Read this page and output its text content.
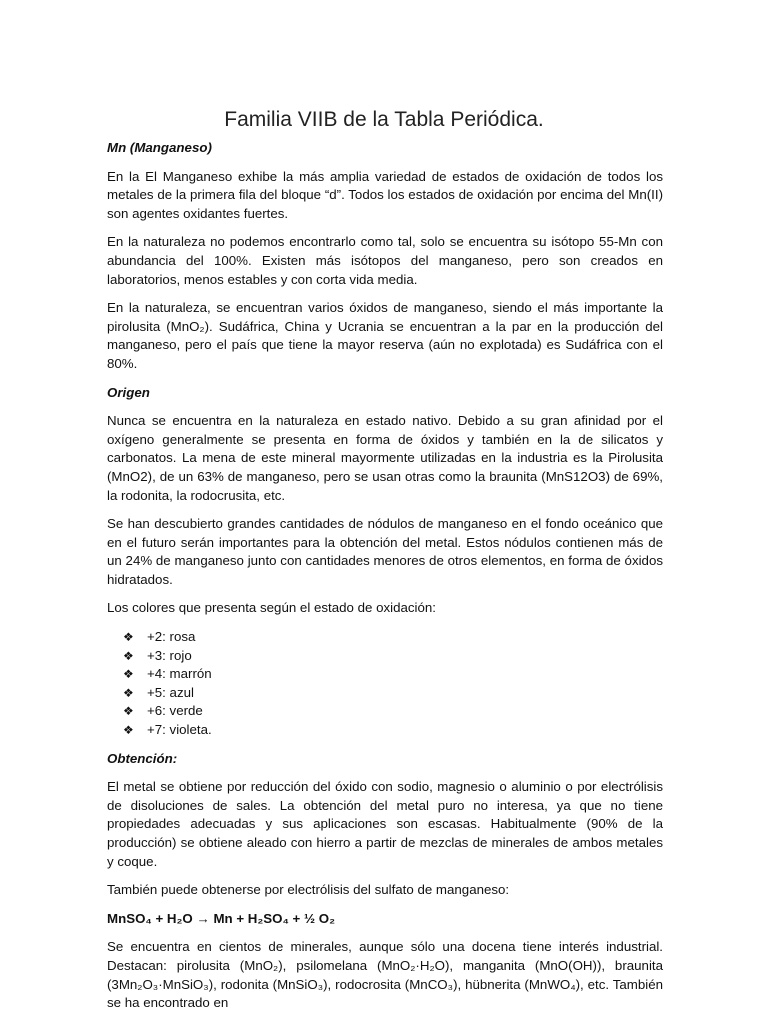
Familia VIIB de la Tabla Periódica.
Mn (Manganeso)

En la El Manganeso exhibe la más amplia variedad de estados de oxidación de todos los metales de la primera fila del bloque “d”. Todos los estados de oxidación por encima del Mn(II) son agentes oxidantes fuertes.

En la naturaleza no podemos encontrarlo como tal, solo se encuentra su isótopo 55-Mn con abundancia del 100%. Existen más isótopos del manganeso, pero son creados en laboratorios, menos estables y con corta vida media.

En la naturaleza, se encuentran varios óxidos de manganeso, siendo el más importante la pirolusita (MnO₂). Sudáfrica, China y Ucrania se encuentran a la par en la producción del manganeso, pero el país que tiene la mayor reserva (aún no explotada) es Sudáfrica con el 80%.

Origen

Nunca se encuentra en la naturaleza en estado nativo. Debido a su gran afinidad por el oxígeno generalmente se presenta en forma de óxidos y también en la de silicatos y carbonatos. La mena de este mineral mayormente utilizadas en la industria es la Pirolusita (MnO2), de un 63% de manganeso, pero se usan otras como la braunita (MnS12O3) de 69%, la rodonita, la rodocrusita, etc.

Se han descubierto grandes cantidades de nódulos de manganeso en el fondo oceánico que en el futuro serán importantes para la obtención del metal. Estos nódulos contienen más de un 24% de manganeso junto con cantidades menores de otros elementos, en forma de óxidos hidratados.

Los colores que presenta según el estado de oxidación:

❖ +2: rosa
❖ +3: rojo
❖ +4: marrón
❖ +5: azul
❖ +6: verde
❖ +7: violeta.
Obtención:

El metal se obtiene por reducción del óxido con sodio, magnesio o aluminio o por electrólisis de disoluciones de sales. La obtención del metal puro no interesa, ya que no tiene propiedades adecuadas y sus aplicaciones son escasas. Habitualmente (90% de la producción) se obtiene aleado con hierro a partir de mezclas de minerales de ambos metales y coque.

También puede obtenerse por electrólisis del sulfato de manganeso:

MnSO₄ + H₂O → Mn + H₂SO₄ + ½ O₂

Se encuentra en cientos de minerales, aunque sólo una docena tiene interés industrial. Destacan: pirolusita (MnO₂), psilomelana (MnO₂·H₂O), manganita (MnO(OH)), braunita (3Mn₂O₃·MnSiO₃), rodonita (MnSiO₃), rodocrosita (MnCO₃), hübnerita (MnWO₄), etc. También se ha encontrado en
